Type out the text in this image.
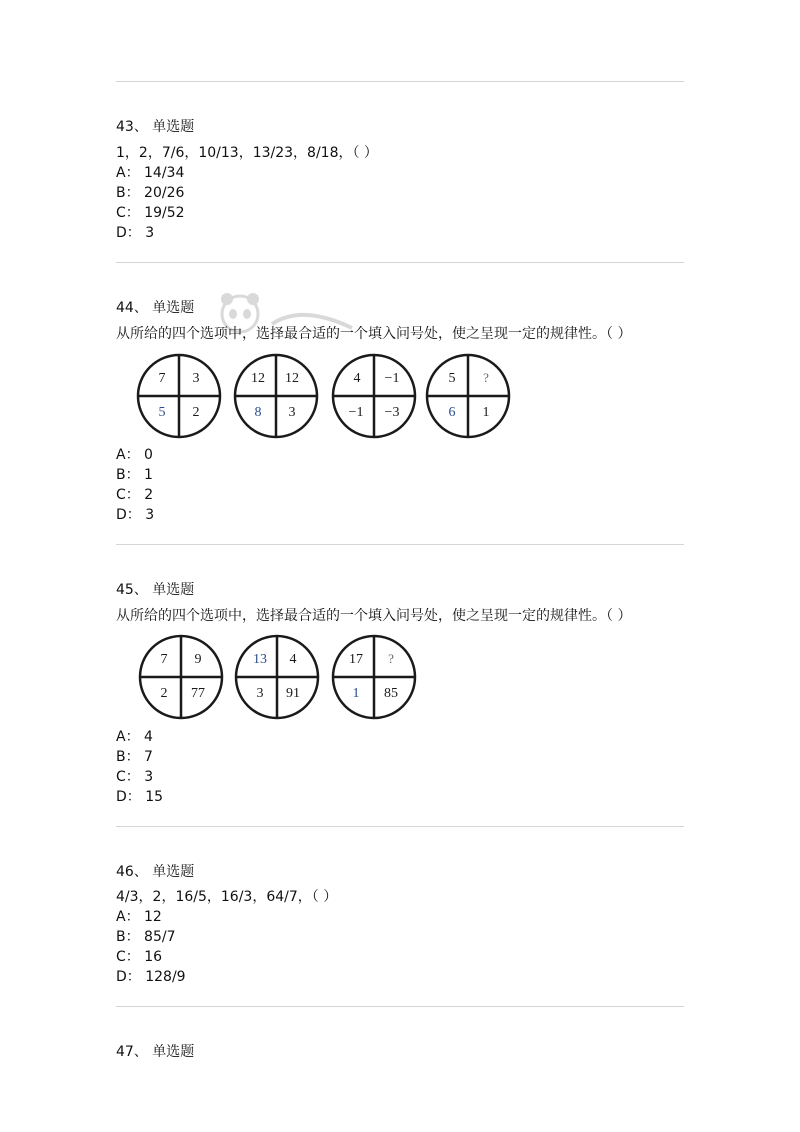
43、 单选题
1，2，7/6，10/13，13/23，8/18，（ ）
A： 14/34
B： 20/26
C： 19/52
D： 3
44、 单选题
从所给的四个选项中，选择最合适的一个填入问号处，使之呈现一定的规律性。（ ）
7 3
5 2
12 12
8 3
4 −1
−1 −3
5 ?
6 1
A： 0
B： 1
C： 2
D： 3
45、 单选题
从所给的四个选项中，选择最合适的一个填入问号处，使之呈现一定的规律性。（ ）
7 9
2 77
13 4
3 91
17 ?
1 85
A： 4
B： 7
C： 3
D： 15
46、 单选题
4/3，2，16/5，16/3，64/7，（ ）
A： 12
B： 85/7
C： 16
D： 128/9
47、 单选题
